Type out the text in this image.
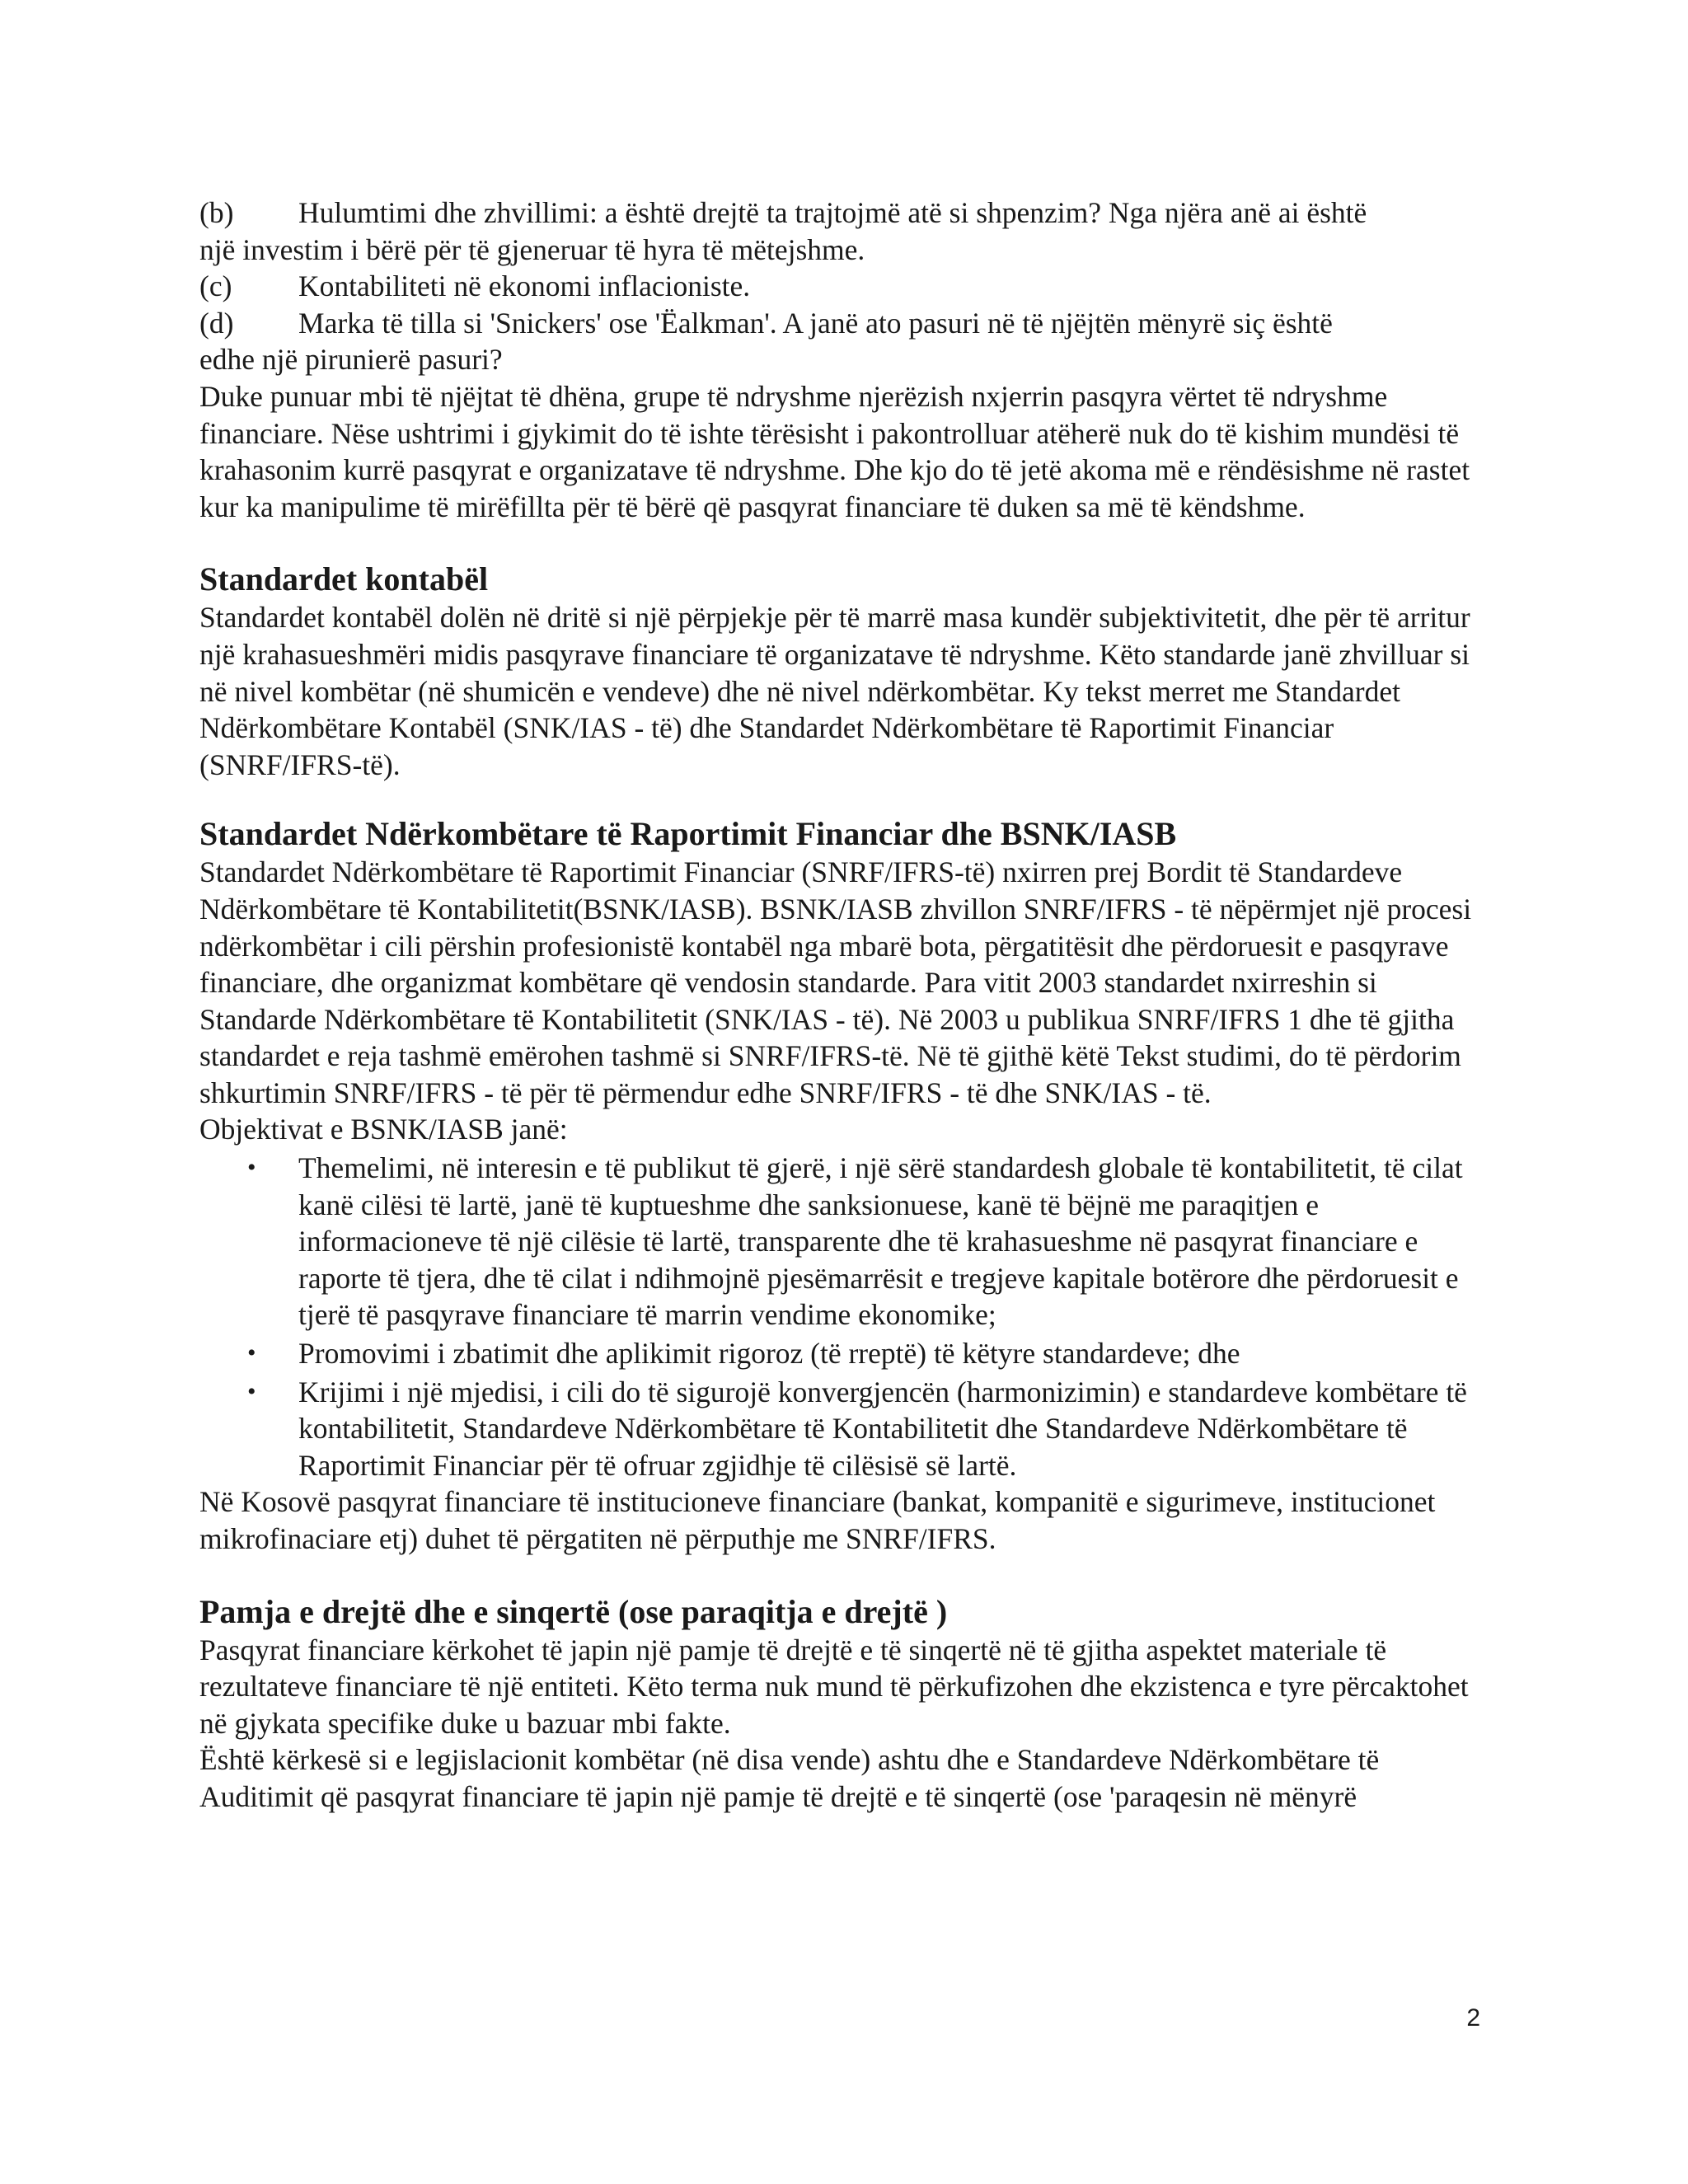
(b)	Hulumtimi dhe zhvillimi: a është drejtë ta trajtojmë atë si shpenzim? Nga njëra anë ai është

një investim i bërë për të gjeneruar të hyra të mëtejshme.

(c)	Kontabiliteti në ekonomi inflacioniste.
(d)	Marka të tilla si 'Snickers' ose 'Ëalkman'. A janë ato pasuri në të njëjtën mënyrë siç është

edhe një pirunierë pasuri?

Duke punuar mbi të njëjtat të dhëna, grupe të ndryshme njerëzish nxjerrin pasqyra vërtet të ndryshme financiare. Nëse ushtrimi i gjykimit do të ishte tërësisht i pakontrolluar atëherë nuk do të kishim mundësi të krahasonim kurrë pasqyrat e organizatave të ndryshme. Dhe kjo do të jetë akoma më e rëndësishme në rastet kur ka manipulime të mirëfillta për të bërë që pasqyrat financiare të duken sa më të këndshme.

Standardet kontabël

Standardet kontabël dolën në dritë si një përpjekje për të marrë masa kundër subjektivitetit, dhe për të arritur një krahasueshmëri midis pasqyrave financiare të organizatave të ndryshme. Këto standarde janë zhvilluar si në nivel kombëtar (në shumicën e vendeve) dhe në nivel ndërkombëtar. Ky tekst merret me Standardet Ndërkombëtare Kontabël (SNK/IAS - të) dhe Standardet Ndërkombëtare të Raportimit Financiar (SNRF/IFRS-të).

Standardet Ndërkombëtare të Raportimit Financiar dhe BSNK/IASB

Standardet Ndërkombëtare të Raportimit Financiar (SNRF/IFRS-të) nxirren prej Bordit të Standardeve Ndërkombëtare të Kontabilitetit(BSNK/IASB). BSNK/IASB zhvillon SNRF/IFRS - të nëpërmjet një procesi ndërkombëtar i cili përshin profesionistë kontabël nga mbarë bota, përgatitësit dhe përdoruesit e pasqyrave financiare, dhe organizmat kombëtare që vendosin standarde. Para vitit 2003 standardet nxirreshin si Standarde Ndërkombëtare të Kontabilitetit (SNK/IAS - të). Në 2003 u publikua SNRF/IFRS 1 dhe të gjitha standardet e reja tashmë emërohen tashmë si SNRF/IFRS-të. Në të gjithë këtë Tekst studimi, do të përdorim shkurtimin SNRF/IFRS - të për të përmendur edhe SNRF/IFRS - të dhe SNK/IAS - të.

Objektivat e BSNK/IASB janë:

•	Themelimi, në interesin e të publikut të gjerë, i një sërë standardesh globale të kontabilitetit, të cilat kanë cilësi të lartë, janë të kuptueshme dhe sanksionuese, kanë të bëjnë me paraqitjen e informacioneve të një cilësie të lartë, transparente dhe të krahasueshme në pasqyrat financiare e raporte të tjera, dhe të cilat i ndihmojnë pjesëmarrësit e tregjeve kapitale botërore dhe përdoruesit e tjerë të pasqyrave financiare të marrin vendime ekonomike;
•	Promovimi i zbatimit dhe aplikimit rigoroz (të rreptë) të këtyre standardeve; dhe
•	Krijimi i një mjedisi, i cili do të sigurojë konvergjencën (harmonizimin) e standardeve kombëtare të kontabilitetit, Standardeve Ndërkombëtare të Kontabilitetit dhe Standardeve Ndërkombëtare të Raportimit Financiar për të ofruar zgjidhje të cilësisë së lartë.

Në Kosovë pasqyrat financiare të institucioneve financiare (bankat, kompanitë e sigurimeve, institucionet mikrofinaciare etj) duhet të përgatiten në përputhje me SNRF/IFRS.

Pamja e drejtë dhe e sinqertë (ose paraqitja e drejtë )

Pasqyrat financiare kërkohet të japin një pamje të drejtë e të sinqertë në të gjitha aspektet materiale të rezultateve financiare të një entiteti. Këto terma nuk mund të përkufizohen dhe ekzistenca e tyre përcaktohet në gjykata specifike duke u bazuar mbi fakte.

Është kërkesë si e legjislacionit kombëtar (në disa vende) ashtu dhe e Standardeve Ndërkombëtare të Auditimit që pasqyrat financiare të japin një pamje të drejtë e të sinqertë (ose 'paraqesin në mënyrë

2
